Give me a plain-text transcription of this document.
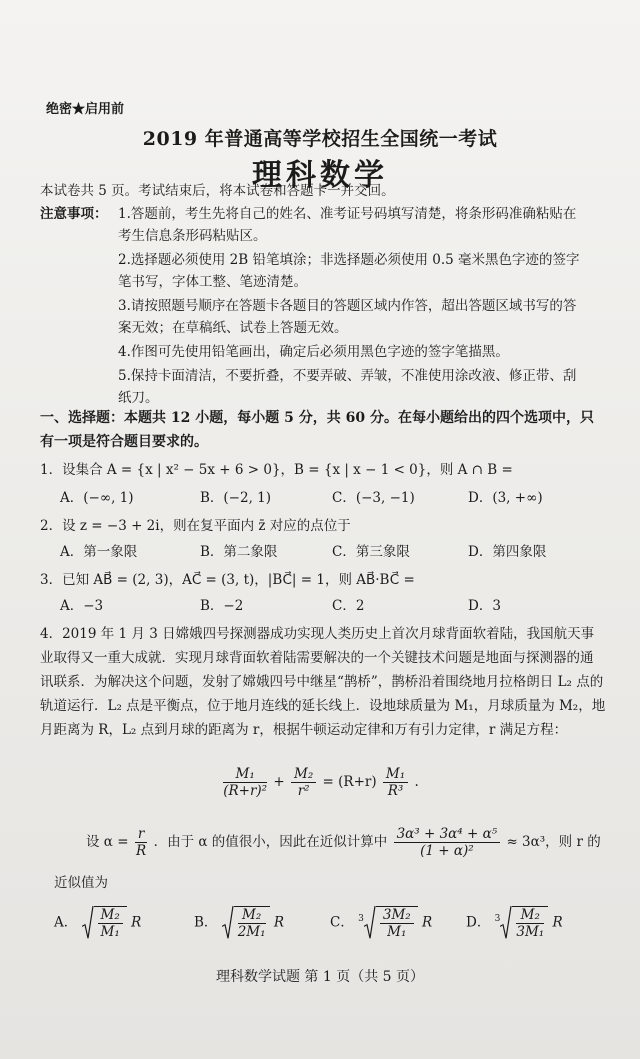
绝密★启用前
2019 年普通高等学校招生全国统一考试
理科数学
本试卷共 5 页。考试结束后，将本试卷和答题卡一并交回。
注意事项： 1.答题前，考生先将自己的姓名、准考证号码填写清楚，将条形码准确粘贴在考生信息条形码粘贴区。
2.选择题必须使用 2B 铅笔填涂；非选择题必须使用 0.5 毫米黑色字迹的签字笔书写，字体工整、笔迹清楚。
3.请按照题号顺序在答题卡各题目的答题区域内作答，超出答题区域书写的答案无效；在草稿纸、试卷上答题无效。
4.作图可先使用铅笔画出，确定后必须用黑色字迹的签字笔描黑。
5.保持卡面清洁，不要折叠，不要弄破、弄皱，不准使用涂改液、修正带、刮纸刀。
一、选择题：本题共 12 小题，每小题 5 分，共 60 分。在每小题给出的四个选项中，只有一项是符合题目要求的。
1．设集合 A = {x | x² − 5x + 6 > 0}，B = {x | x − 1 < 0}，则 A ∩ B =
A．(−∞, 1)	B．(−2, 1)	C．(−3, −1)	D．(3, +∞)
2．设 z = −3 + 2i，则在复平面内 z̄ 对应的点位于
A．第一象限	B．第二象限	C．第三象限	D．第四象限
3．已知 AB⃗ = (2, 3)，AC⃗ = (3, t)，|BC⃗| = 1，则 AB⃗·BC⃗ =
A．−3	B．−2	C．2	D．3
4．2019 年 1 月 3 日嫦娥四号探测器成功实现人类历史上首次月球背面软着陆，我国航天事业取得又一重大成就．实现月球背面软着陆需要解决的一个关键技术问题是地面与探测器的通讯联系．为解决这个问题，发射了嫦娥四号中继星“鹊桥”，鹊桥沿着围绕地月拉格朗日 L₂ 点的轨道运行．L₂ 点是平衡点，位于地月连线的延长线上．设地球质量为 M₁，月球质量为 M₂，地月距离为 R，L₂ 点到月球的距离为 r，根据牛顿运动定律和万有引力定律，r 满足方程：
$\frac{\text{M₁}}{\text{(R+r)²}} + \frac{\text{M₂}}{\text{r²}} = (R+r) \frac{\text{M₁}}{\text{R³}}$ .
设 $\alpha = \frac{r}{R}$ ．由于 α 的值很小，因此在近似计算中 $\frac{\text{3α³ + 3α⁴ + α⁵}}{\text{(1 + α)²}} \approx 3\alpha^3$，则 r 的
近似值为
A． $\frac{\text{M₂}}{\text{M₁}}$ R	B． $\frac{\text{M₂}}{\text{2M₁}}$ R	C． $^3 \frac{\text{3M₂}}{\text{M₁}}$ R	D． $^3 \frac{\text{M₂}}{\text{3M₁}}$ R
理科数学试题 第 1 页（共 5 页）
